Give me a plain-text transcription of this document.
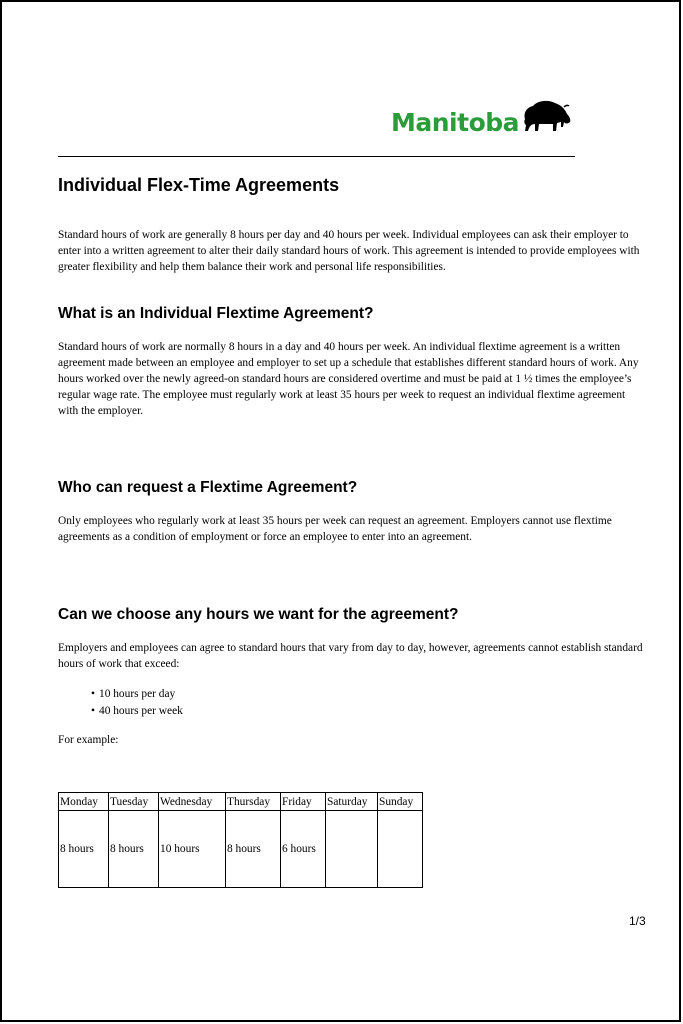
Manitoba
Individual Flex-Time Agreements

Standard hours of work are generally 8 hours per day and 40 hours per week. Individual employees can ask their employer to enter into a written agreement to alter their daily standard hours of work. This agreement is intended to provide employees with greater flexibility and help them balance their work and personal life responsibilities.

What is an Individual Flextime Agreement?

Standard hours of work are normally 8 hours in a day and 40 hours per week. An individual flextime agreement is a written agreement made between an employee and employer to set up a schedule that establishes different standard hours of work. Any hours worked over the newly agreed-on standard hours are considered overtime and must be paid at 1 ½ times the employee’s regular wage rate. The employee must regularly work at least 35 hours per week to request an individual flextime agreement with the employer.

Who can request a Flextime Agreement?

Only employees who regularly work at least 35 hours per week can request an agreement. Employers cannot use flextime agreements as a condition of employment or force an employee to enter into an agreement.

Can we choose any hours we want for the agreement?

Employers and employees can agree to standard hours that vary from day to day, however, agreements cannot establish standard hours of work that exceed:

• 10 hours per day
• 40 hours per week

For example:

Monday	Tuesday	Wednesday	Thursday	Friday	Saturday	Sunday
8 hours	8 hours	10 hours	8 hours	6 hours		
1/3
